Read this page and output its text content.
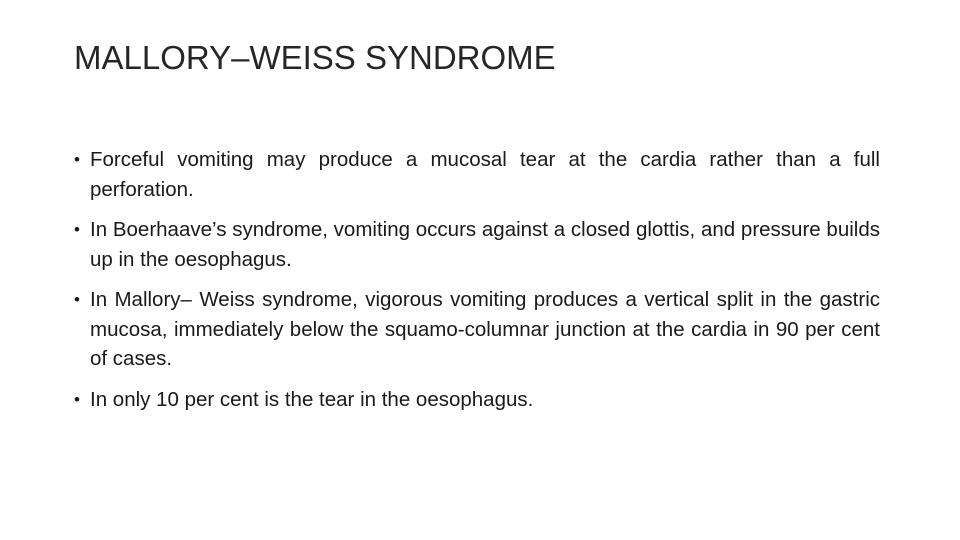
MALLORY–WEISS SYNDROME
• Forceful vomiting may produce a mucosal tear at the cardia rather than a full perforation.
• In Boerhaave’s syndrome, vomiting occurs against a closed glottis, and pressure builds up in the oesophagus.
• In Mallory– Weiss syndrome, vigorous vomiting produces a vertical split in the gastric mucosa, immediately below the squamo-columnar junction at the cardia in 90 per cent of cases.
• In only 10 per cent is the tear in the oesophagus.
